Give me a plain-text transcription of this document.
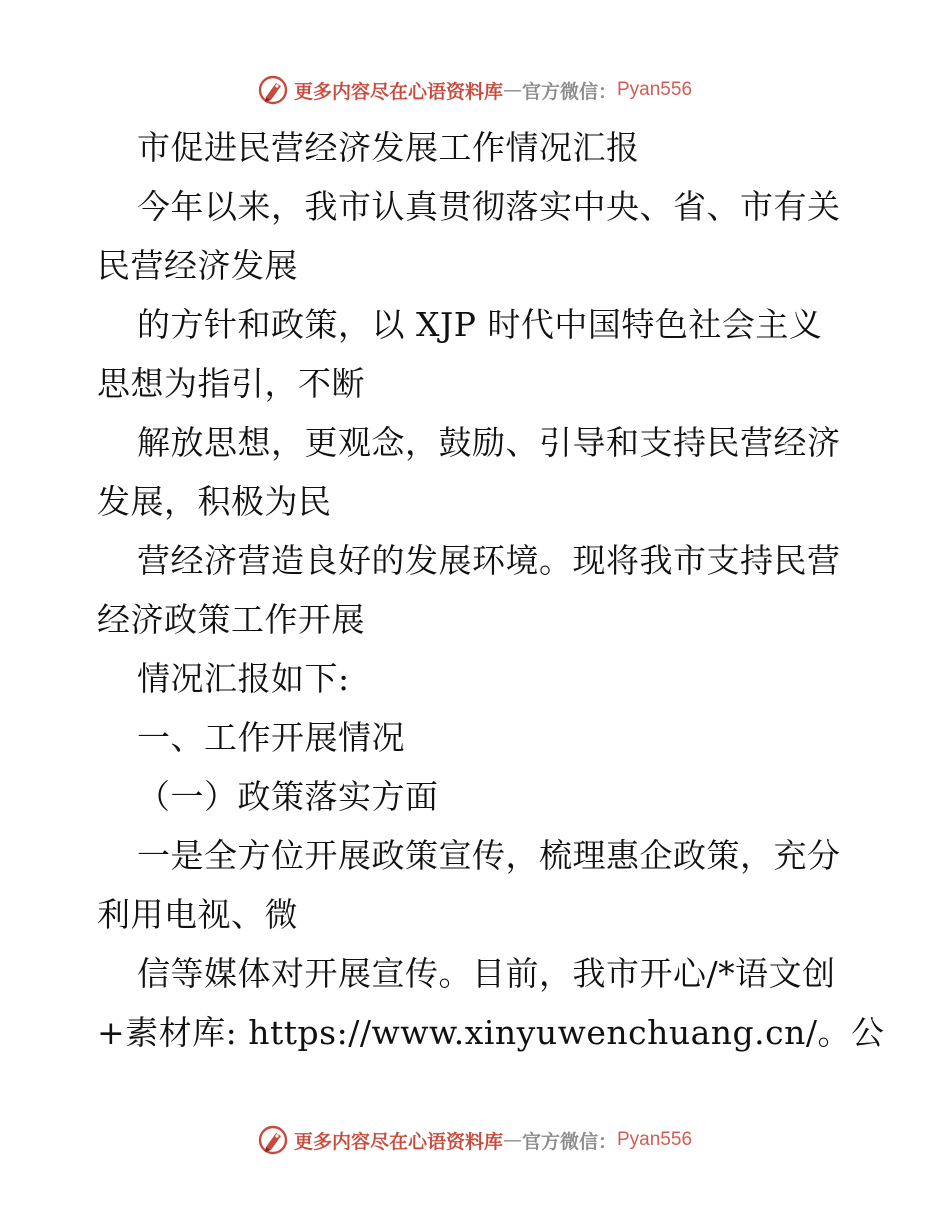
更多内容尽在心语资料库 — 官方微信： Pyan556
市促进民营经济发展工作情况汇报
今年以来，我市认真贯彻落实中央、省、市有关
民营经济发展
的方针和政策，以 XJP 时代中国特色社会主义
思想为指引，不断
解放思想，更观念，鼓励、引导和支持民营经济
发展，积极为民
营经济营造良好的发展环境。现将我市支持民营
经济政策工作开展
情况汇报如下:
一、工作开展情况
（一）政策落实方面
一是全方位开展政策宣传，梳理惠企政策，充分
利用电视、微
信等媒体对开展宣传。目前，我市开心/*语文创
+素材库: https://www.xinyuwenchuang.cn/。公
更多内容尽在心语资料库 — 官方微信： Pyan556
